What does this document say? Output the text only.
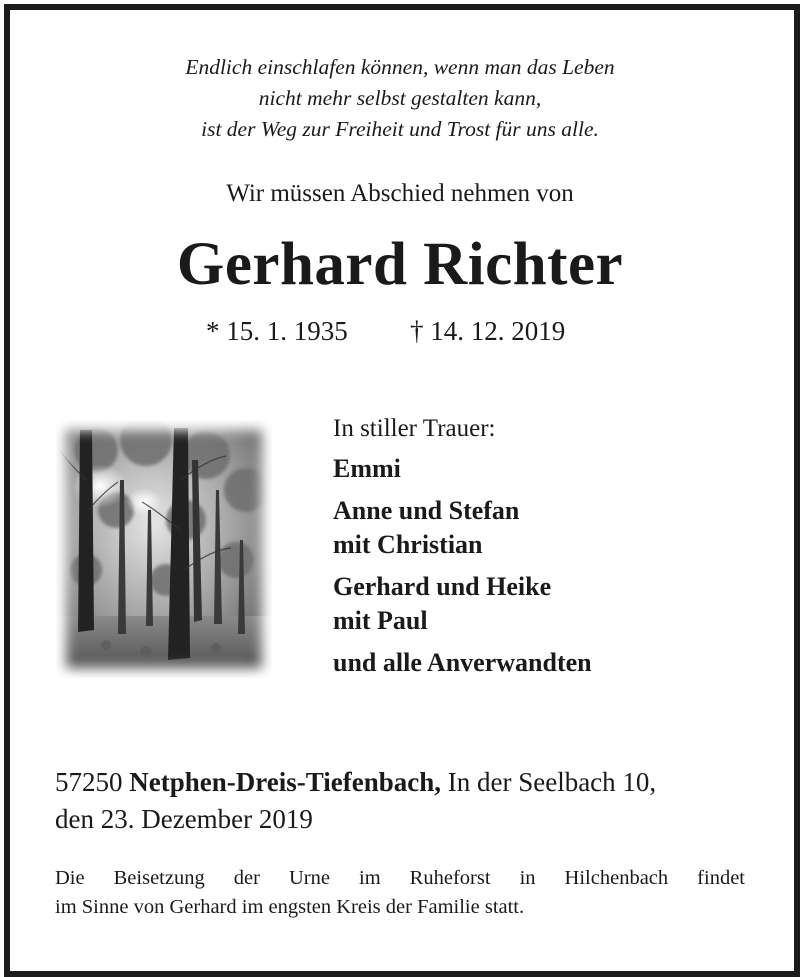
Endlich einschlafen können, wenn man das Leben
nicht mehr selbst gestalten kann,
ist der Weg zur Freiheit und Trost für uns alle.
Wir müssen Abschied nehmen von
Gerhard Richter
* 15. 1. 1935 † 14. 12. 2019
In stiller Trauer:
Emmi
Anne und Stefan
mit Christian
Gerhard und Heike
mit Paul
und alle Anverwandten
57250 Netphen-Dreis-Tiefenbach, In der Seelbach 10,
den 23. Dezember 2019
Die Beisetzung der Urne im Ruheforst in Hilchenbach findet
im Sinne von Gerhard im engsten Kreis der Familie statt.
